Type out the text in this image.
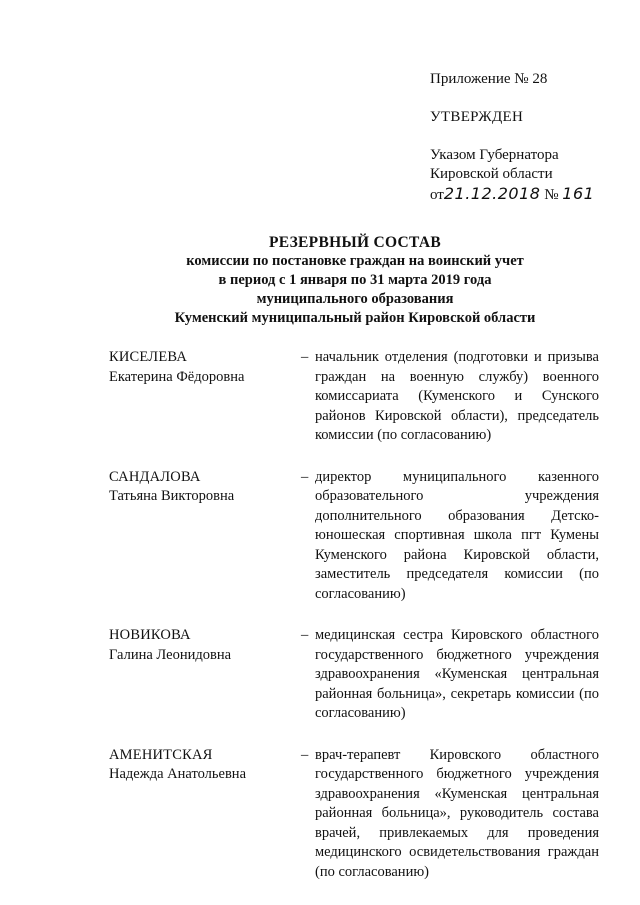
Приложение № 28
УТВЕРЖДЕН
Указом Губернатора
Кировской области
от21.12.2018 № 161
РЕЗЕРВНЫЙ СОСТАВ
комиссии по постановке граждан на воинский учет
в период с 1 января по 31 марта 2019 года
муниципального образования
Куменский муниципальный район Кировской области
КИСЕЛЕВА
Екатерина Фёдоровна
– начальник отделения (подготовки и призыва граждан на военную службу) военного комиссариата (Куменского и Сунского районов Кировской области), председатель комиссии (по согласованию)
САНДАЛОВА
Татьяна Викторовна
– директор муниципального казенного образовательного учреждения дополнительного образования Детско-юношеская спортивная школа пгт Кумены Куменского района Кировской области, заместитель председателя комиссии (по согласованию)
НОВИКОВА
Галина Леонидовна
– медицинская сестра Кировского областного государственного бюджетного учреждения здравоохранения «Куменская центральная районная больница», секретарь комиссии (по согласованию)
АМЕНИТСКАЯ
Надежда Анатольевна
– врач-терапевт Кировского областного государственного бюджетного учреждения здравоохранения «Куменская центральная районная больница», руководитель состава врачей, привлекаемых для проведения медицинского освидетельствования граждан (по согласованию)
